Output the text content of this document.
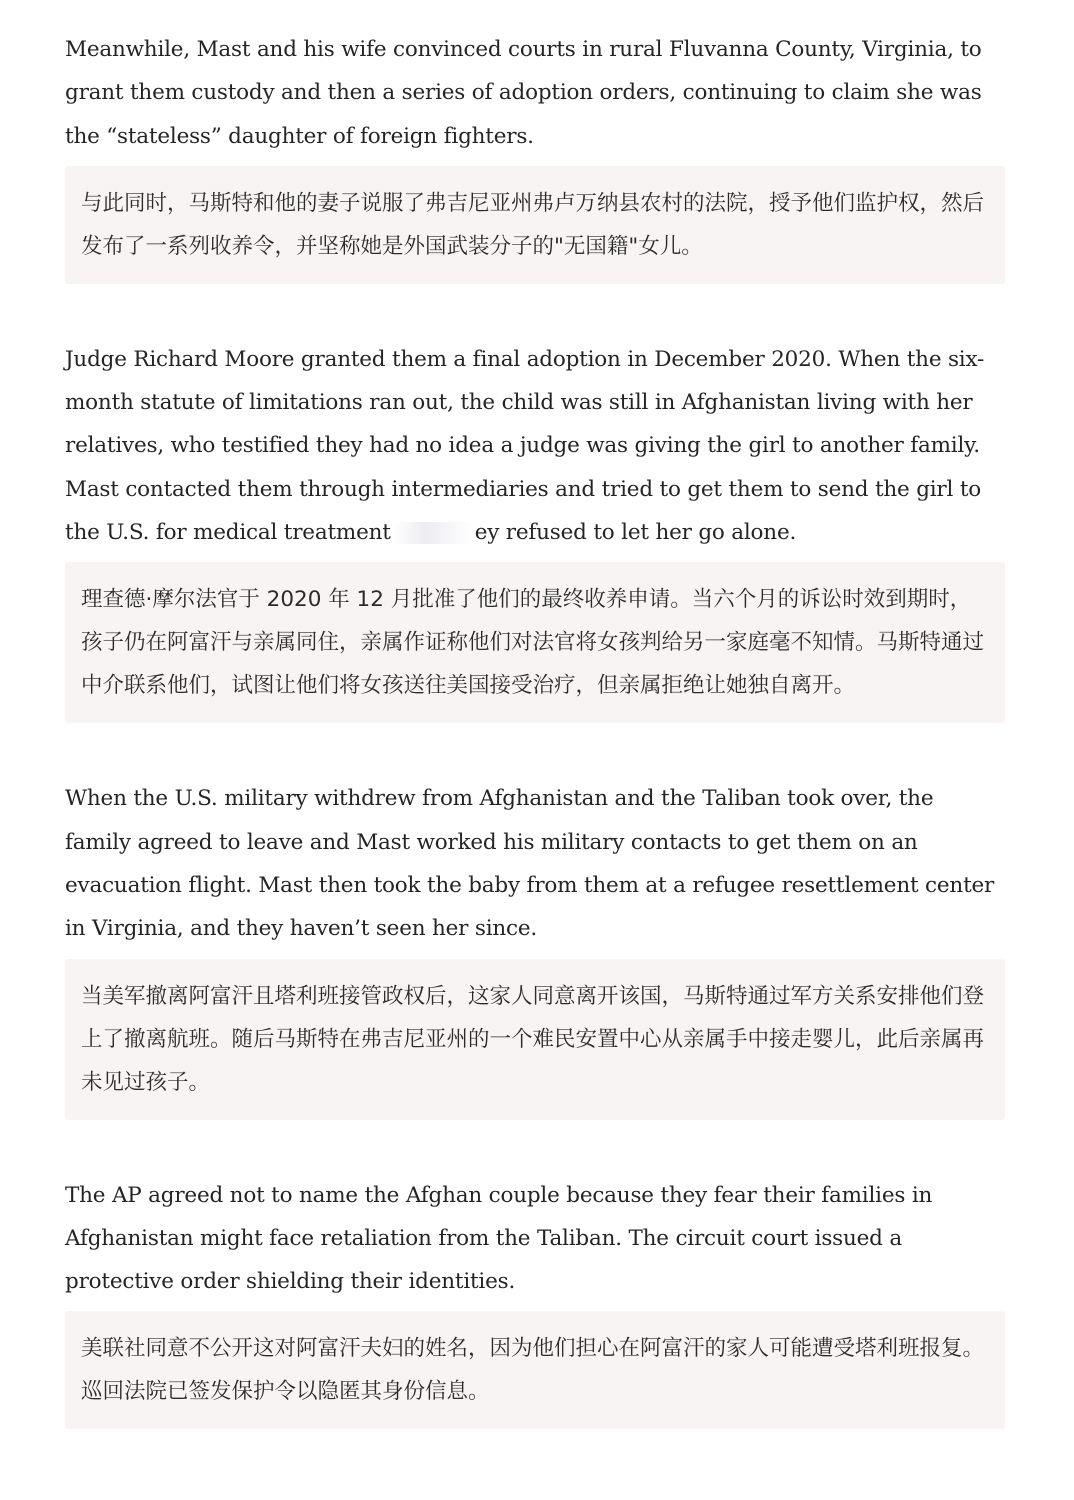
Meanwhile, Mast and his wife convinced courts in rural Fluvanna County, Virginia, to grant them custody and then a series of adoption orders, continuing to claim she was the “stateless” daughter of foreign fighters.

与此同时，马斯特和他的妻子说服了弗吉尼亚州弗卢万纳县农村的法院，授予他们监护权，然后发布了一系列收养令，并坚称她是外国武装分子的"无国籍"女儿。

Judge Richard Moore granted them a final adoption in December 2020. When the six-month statute of limitations ran out, the child was still in Afghanistan living with her relatives, who testified they had no idea a judge was giving the girl to another family. Mast contacted them through intermediaries and tried to get them to send the girl to the U.S. for medical treatment	ey refused to let her go alone.

理查德·摩尔法官于 2020 年 12 月批准了他们的最终收养申请。当六个月的诉讼时效到期时，孩子仍在阿富汗与亲属同住，亲属作证称他们对法官将女孩判给另一家庭毫不知情。马斯特通过中介联系他们，试图让他们将女孩送往美国接受治疗，但亲属拒绝让她独自离开。

When the U.S. military withdrew from Afghanistan and the Taliban took over, the family agreed to leave and Mast worked his military contacts to get them on an evacuation flight. Mast then took the baby from them at a refugee resettlement center in Virginia, and they haven’t seen her since.

当美军撤离阿富汗且塔利班接管政权后，这家人同意离开该国，马斯特通过军方关系安排他们登上了撤离航班。随后马斯特在弗吉尼亚州的一个难民安置中心从亲属手中接走婴儿，此后亲属再未见过孩子。

The AP agreed not to name the Afghan couple because they fear their families in Afghanistan might face retaliation from the Taliban. The circuit court issued a protective order shielding their identities.

美联社同意不公开这对阿富汗夫妇的姓名，因为他们担心在阿富汗的家人可能遭受塔利班报复。巡回法院已签发保护令以隐匿其身份信息。
